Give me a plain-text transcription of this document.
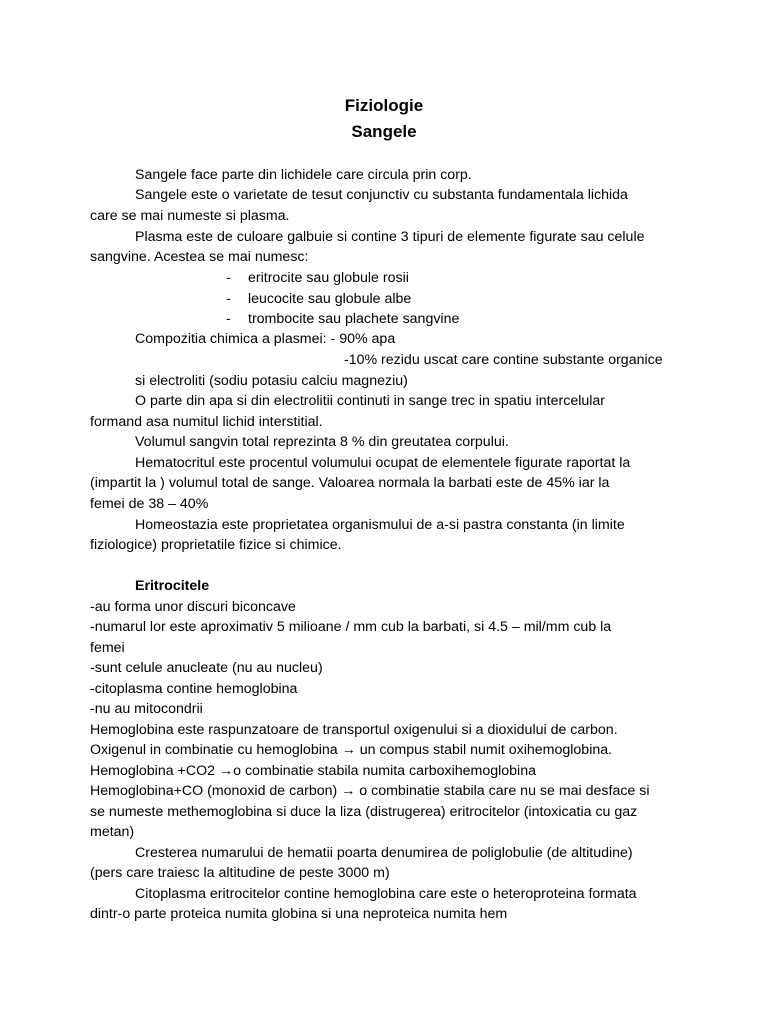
Fiziologie
Sangele
Sangele face parte din lichidele care circula prin corp.
Sangele este o varietate de tesut conjunctiv cu substanta fundamentala lichida
care se mai numeste si plasma.
Plasma este de culoare galbuie si contine 3 tipuri de elemente figurate sau celule
sangvine. Acestea se mai numesc:
- eritrocite sau globule rosii
- leucocite sau globule albe
- trombocite sau plachete sangvine
Compozitia chimica a plasmei: - 90% apa
-10% rezidu uscat care contine substante organice
si electroliti (sodiu potasiu calciu magneziu)
O parte din apa si din electrolitii continuti in sange trec in spatiu intercelular
formand asa numitul lichid interstitial.
Volumul sangvin total reprezinta 8 % din greutatea corpului.
Hematocritul este procentul volumului ocupat de elementele figurate raportat la
(impartit la ) volumul total de sange. Valoarea normala la barbati este de 45% iar la
femei de 38 – 40%
Homeostazia este proprietatea organismului de a-si pastra constanta (in limite
fiziologice) proprietatile fizice si chimice.
Eritrocitele
-au forma unor discuri biconcave
-numarul lor este aproximativ 5 milioane / mm cub la barbati, si 4.5 – mil/mm cub la
femei
-sunt celule anucleate (nu au nucleu)
-citoplasma contine hemoglobina
-nu au mitocondrii
Hemoglobina este raspunzatoare de transportul oxigenului si a dioxidului de carbon.
Oxigenul in combinatie cu hemoglobina → un compus stabil numit oxihemoglobina.
Hemoglobina +CO2 →o combinatie stabila numita carboxihemoglobina
Hemoglobina+CO (monoxid de carbon) → o combinatie stabila care nu se mai desface si
se numeste methemoglobina si duce la liza (distrugerea) eritrocitelor (intoxicatia cu gaz
metan)
Cresterea numarului de hematii poarta denumirea de poliglobulie (de altitudine)
(pers care traiesc la altitudine de peste 3000 m)
Citoplasma eritrocitelor contine hemoglobina care este o heteroproteina formata
dintr-o parte proteica numita globina si una neproteica numita hem
